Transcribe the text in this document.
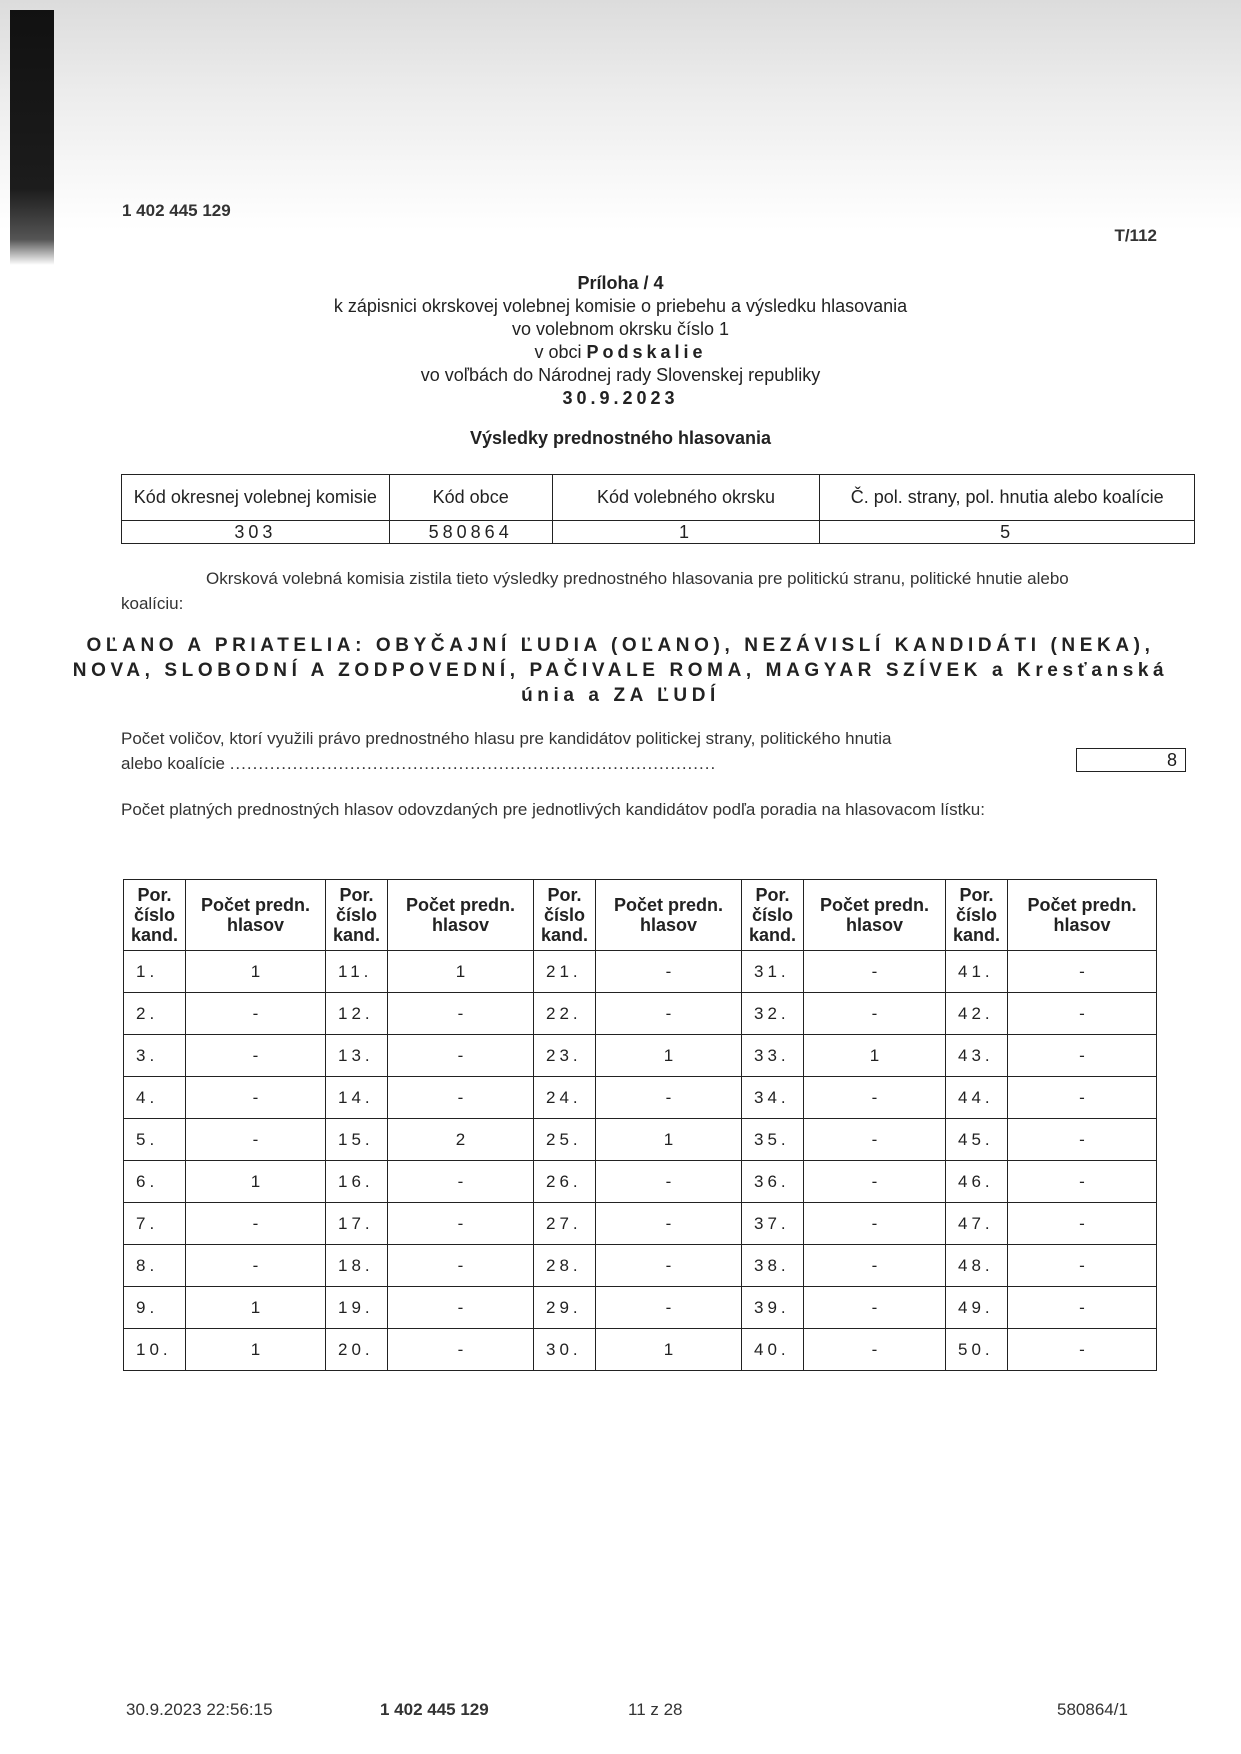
1 402 445 129
T/112
Príloha / 4
k zápisnici okrskovej volebnej komisie o priebehu a výsledku hlasovania
vo volebnom okrsku číslo 1
v obci Podskalie
vo voľbách do Národnej rady Slovenskej republiky
30.9.2023
Výsledky prednostného hlasovania
Kód okresnej volebnej komisie	Kód obce	Kód volebného okrsku	Č. pol. strany, pol. hnutia alebo koalície
303	580864	1	5
Okrsková volebná komisia zistila tieto výsledky prednostného hlasovania pre politickú stranu, politické hnutie alebo koalíciu:
OĽANO A PRIATELIA: OBYČAJNÍ ĽUDIA (OĽANO), NEZÁVISLÍ KANDIDÁTI (NEKA),
NOVA, SLOBODNÍ A ZODPOVEDNÍ, PAČIVALE ROMA, MAGYAR SZÍVEK a Kresťanská
únia a ZA ĽUDÍ
Počet voličov, ktorí využili právo prednostného hlasu pre kandidátov politickej strany, politického hnutia
alebo koalície .....................................................................................	8
Počet platných prednostných hlasov odovzdaných pre jednotlivých kandidátov podľa poradia na hlasovacom lístku:
Por. číslo kand.	Počet predn. hlasov	Por. číslo kand.	Počet predn. hlasov	Por. číslo kand.	Počet predn. hlasov	Por. číslo kand.	Počet predn. hlasov	Por. číslo kand.	Počet predn. hlasov
1.	1	11.	1	21.	-	31.	-	41.	-
2.	-	12.	-	22.	-	32.	-	42.	-
3.	-	13.	-	23.	1	33.	1	43.	-
4.	-	14.	-	24.	-	34.	-	44.	-
5.	-	15.	2	25.	1	35.	-	45.	-
6.	1	16.	-	26.	-	36.	-	46.	-
7.	-	17.	-	27.	-	37.	-	47.	-
8.	-	18.	-	28.	-	38.	-	48.	-
9.	1	19.	-	29.	-	39.	-	49.	-
10.	1	20.	-	30.	1	40.	-	50.	-
30.9.2023 22:56:15	1 402 445 129	11 z 28	580864/1
